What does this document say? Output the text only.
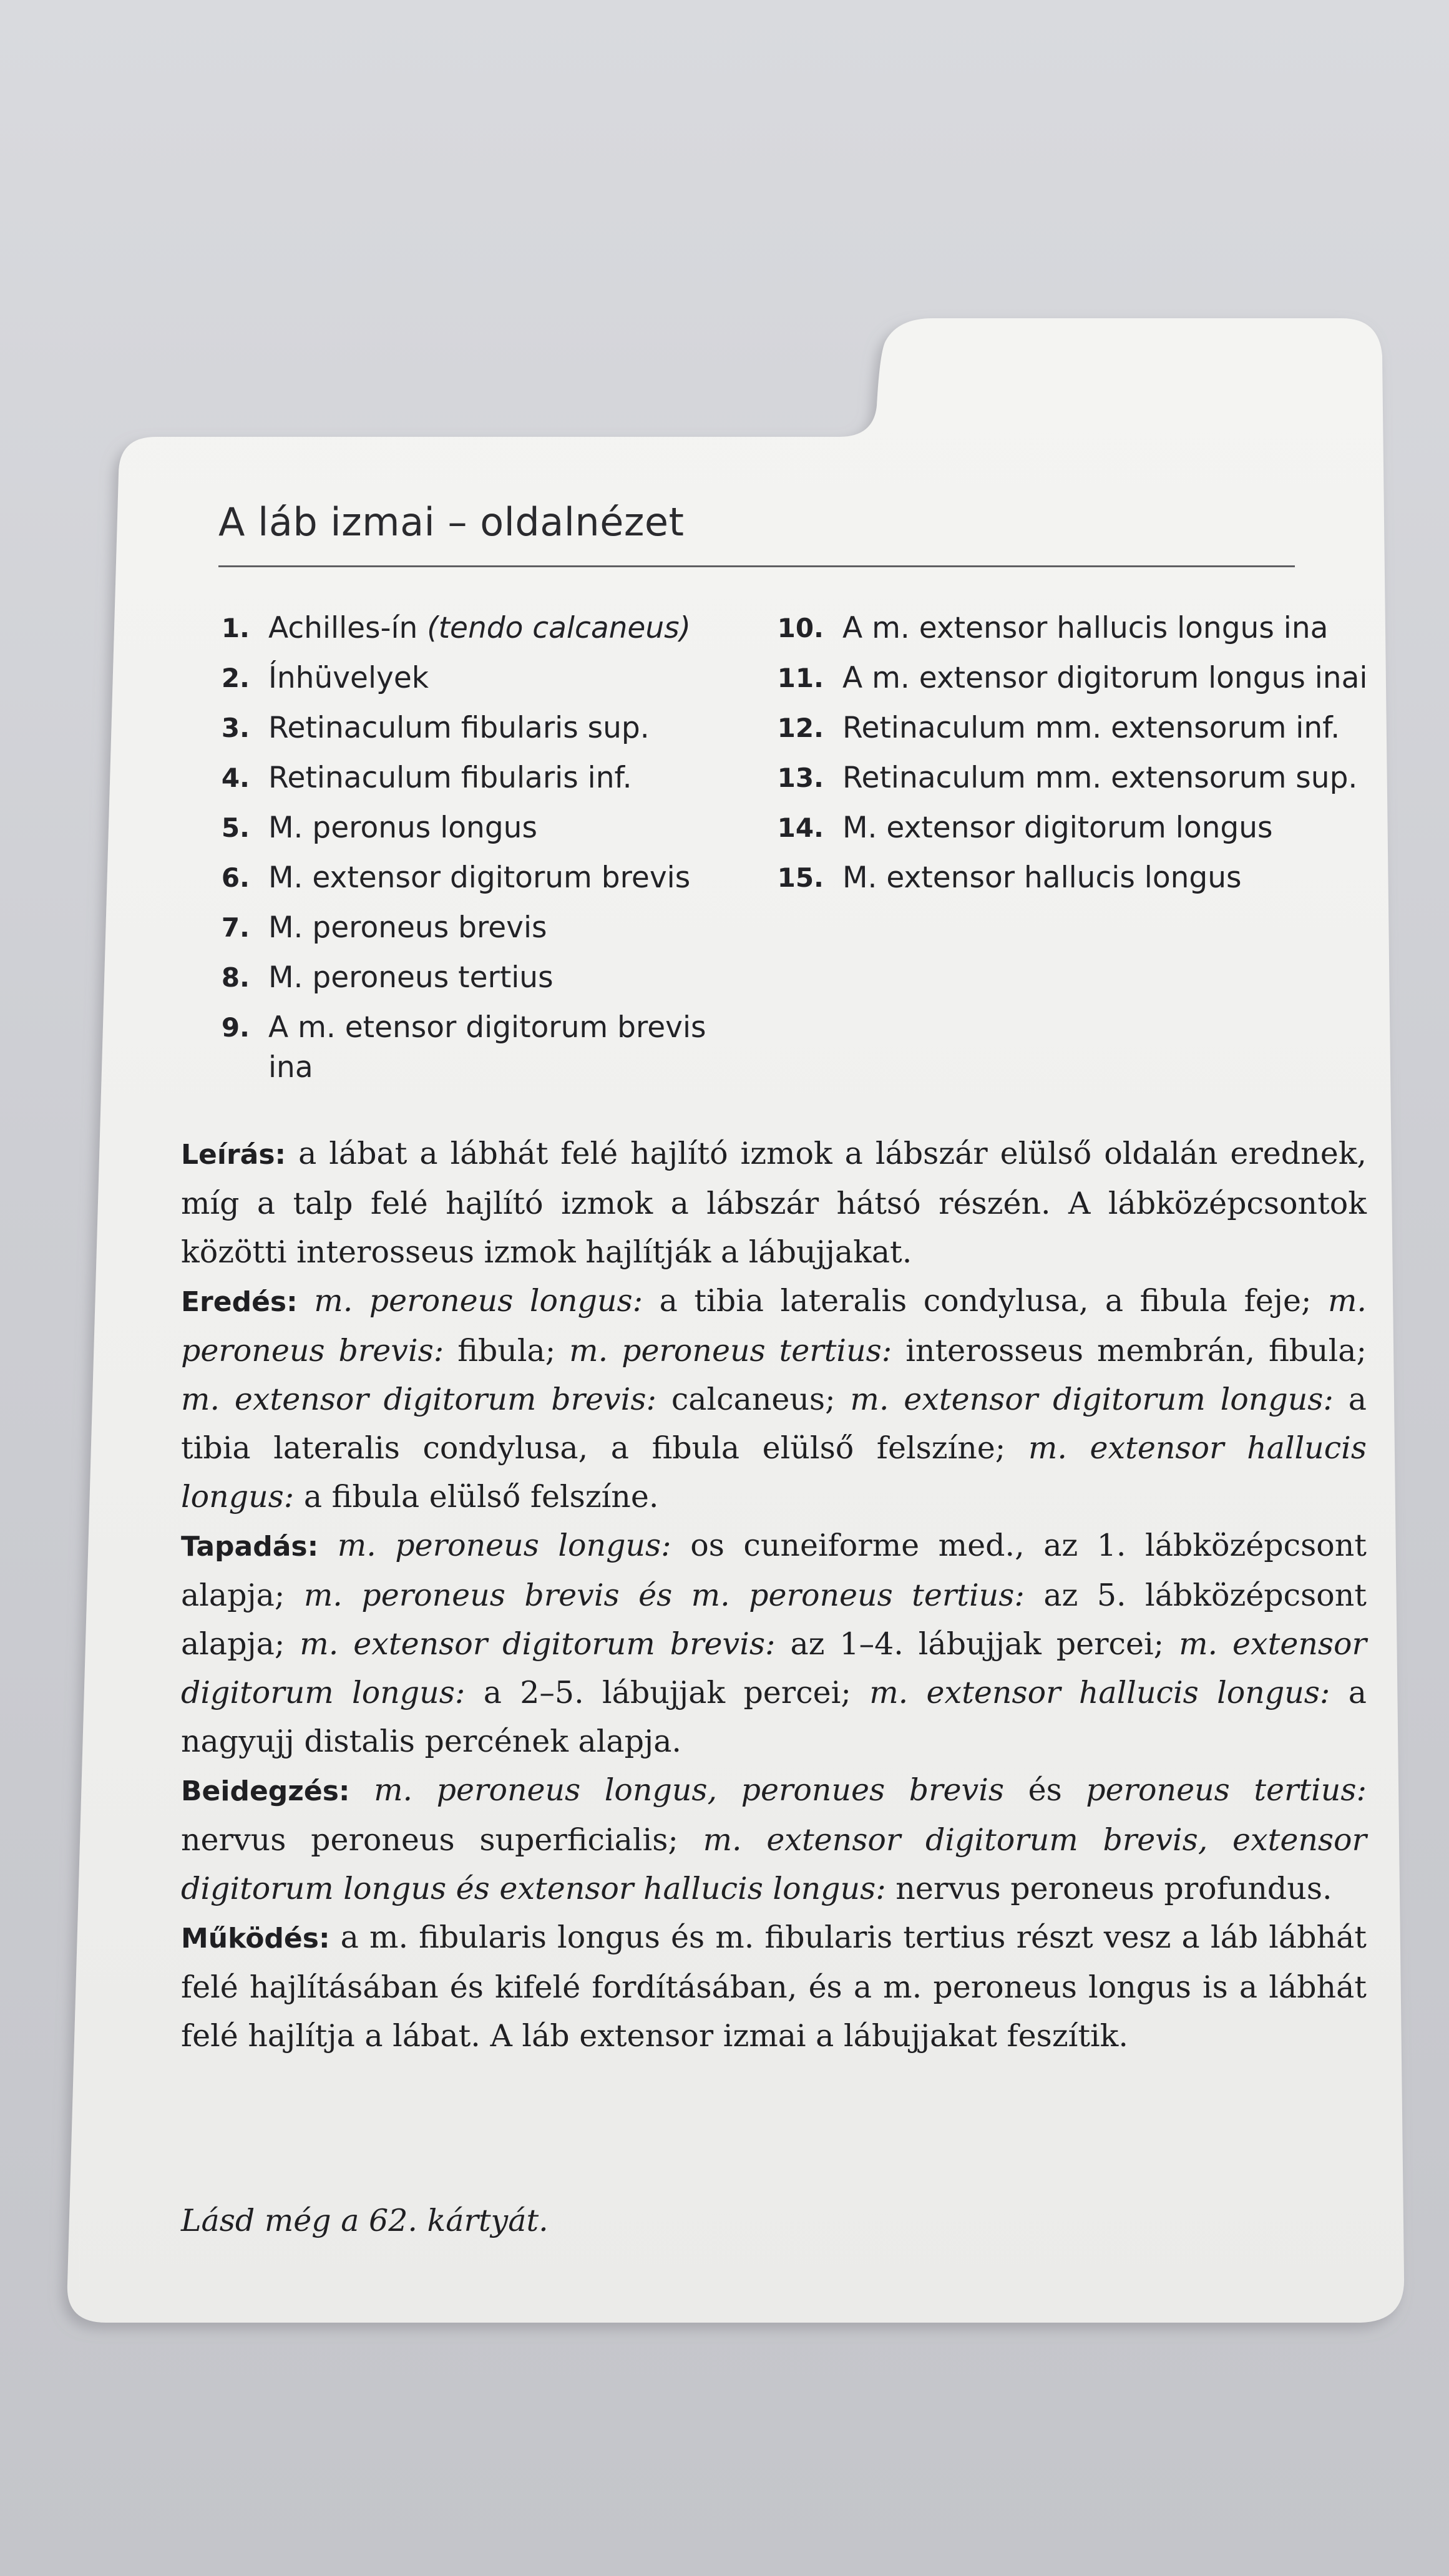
A láb izmai – oldalnézet
1. Achilles-ín (tendo calcaneus)
2. Ínhüvelyek
3. Retinaculum fibularis sup.
4. Retinaculum fibularis inf.
5. M. peronus longus
6. M. extensor digitorum brevis
7. M. peroneus brevis
8. M. peroneus tertius
9. A m. etensor digitorum brevis ina
10. A m. extensor hallucis longus ina
11. A m. extensor digitorum longus inai
12. Retinaculum mm. extensorum inf.
13. Retinaculum mm. extensorum sup.
14. M. extensor digitorum longus
15. M. extensor hallucis longus

Leírás: a lábat a lábhát felé hajlító izmok a lábszár elülső oldalán erednek, míg a talp felé hajlító izmok a lábszár hátsó részén. A lábközépcsontok közötti interosseus izmok hajlítják a lábujjakat.

Eredés: m. peroneus longus: a tibia lateralis condylusa, a fibula feje; m. peroneus brevis: fibula; m. peroneus tertius: interosseus membrán, fibula; m. extensor digitorum brevis: calcaneus; m. extensor digitorum longus: a tibia lateralis condylusa, a fibula elülső felszíne; m. extensor hallucis longus: a fibula elülső felszíne.

Tapadás: m. peroneus longus: os cuneiforme med., az 1. lábközépcsont alapja; m. peroneus brevis és m. peroneus tertius: az 5. lábközépcsont alapja; m. extensor digitorum brevis: az 1–4. lábujjak percei; m. extensor digitorum longus: a 2–5. lábujjak percei; m. extensor hallucis longus: a nagyujj distalis percének alapja.

Beidegzés: m. peroneus longus, peronues brevis és peroneus tertius: nervus peroneus superficialis; m. extensor digitorum brevis, extensor digitorum longus és extensor hallucis longus: nervus peroneus profundus.

Működés: a m. fibularis longus és m. fibularis tertius részt vesz a láb lábhát felé hajlításában és kifelé fordításában, és a m. peroneus longus is a lábhát felé hajlítja a lábat. A láb extensor izmai a lábujjakat feszítik.

Lásd még a 62. kártyát.
